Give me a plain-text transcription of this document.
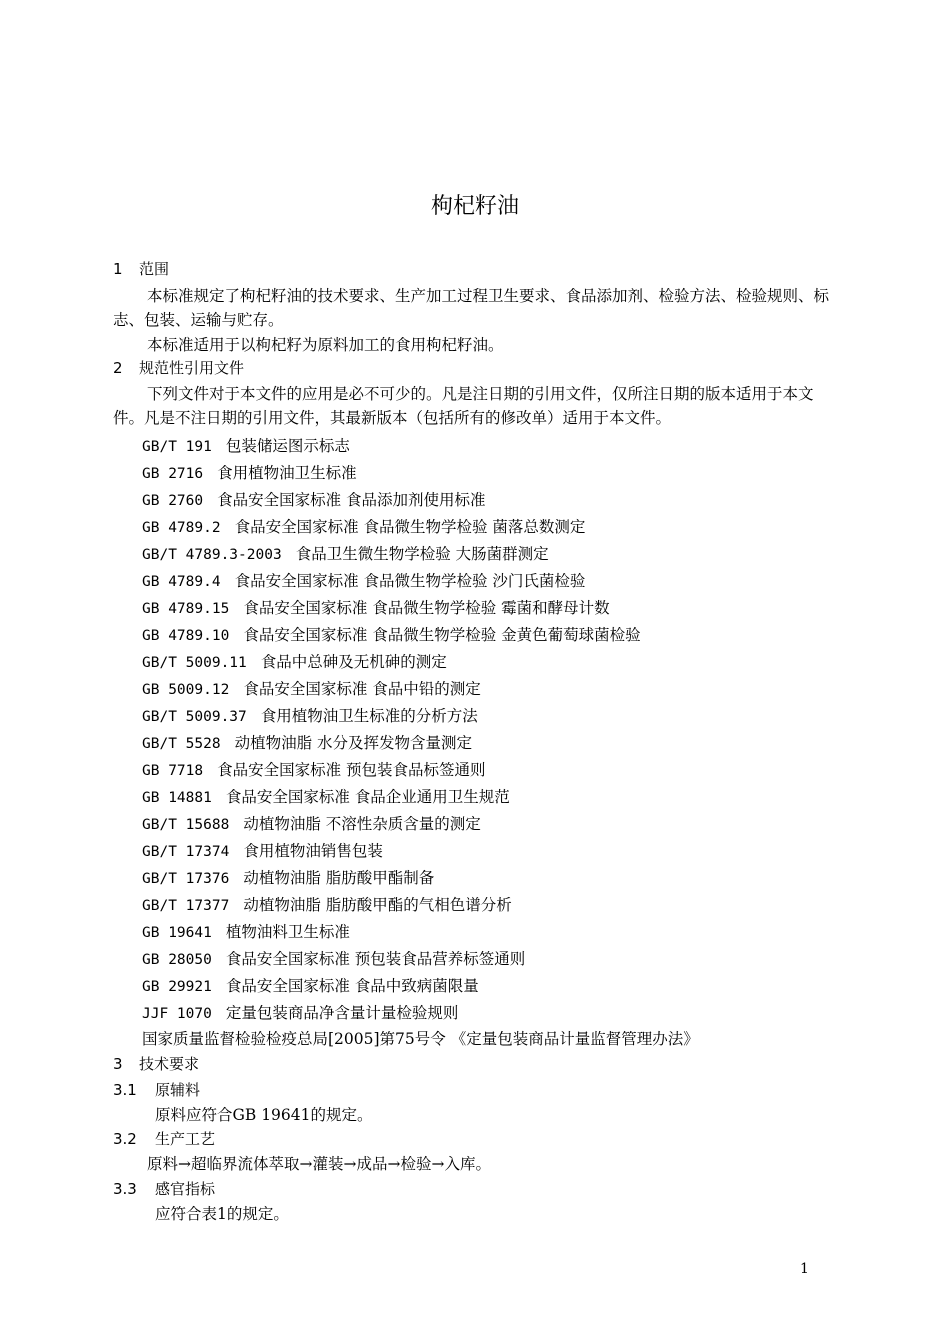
枸杞籽油
1 范围
本标准规定了枸杞籽油的技术要求、生产加工过程卫生要求、食品添加剂、检验方法、检验规则、标志、包装、运输与贮存。
本标准适用于以枸杞籽为原料加工的食用枸杞籽油。
2 规范性引用文件
下列文件对于本文件的应用是必不可少的。凡是注日期的引用文件，仅所注日期的版本适用于本文件。凡是不注日期的引用文件，其最新版本（包括所有的修改单）适用于本文件。
GB/T 191 包装储运图示标志
GB 2716 食用植物油卫生标准
GB 2760 食品安全国家标准 食品添加剂使用标准
GB 4789.2 食品安全国家标准 食品微生物学检验 菌落总数测定
GB/T 4789.3-2003 食品卫生微生物学检验 大肠菌群测定
GB 4789.4 食品安全国家标准 食品微生物学检验 沙门氏菌检验
GB 4789.15 食品安全国家标准 食品微生物学检验 霉菌和酵母计数
GB 4789.10 食品安全国家标准 食品微生物学检验 金黄色葡萄球菌检验
GB/T 5009.11 食品中总砷及无机砷的测定
GB 5009.12 食品安全国家标准 食品中铅的测定
GB/T 5009.37 食用植物油卫生标准的分析方法
GB/T 5528 动植物油脂 水分及挥发物含量测定
GB 7718 食品安全国家标准 预包装食品标签通则
GB 14881 食品安全国家标准 食品企业通用卫生规范
GB/T 15688 动植物油脂 不溶性杂质含量的测定
GB/T 17374 食用植物油销售包装
GB/T 17376 动植物油脂 脂肪酸甲酯制备
GB/T 17377 动植物油脂 脂肪酸甲酯的气相色谱分析
GB 19641 植物油料卫生标准
GB 28050 食品安全国家标准 预包装食品营养标签通则
GB 29921 食品安全国家标准 食品中致病菌限量
JJF 1070 定量包装商品净含量计量检验规则
国家质量监督检验检疫总局[2005]第75号令 《定量包装商品计量监督管理办法》
3 技术要求
3.1 原辅料
原料应符合GB 19641的规定。
3.2 生产工艺
原料→超临界流体萃取→灌装→成品→检验→入库。
3.3 感官指标
应符合表1的规定。
1
